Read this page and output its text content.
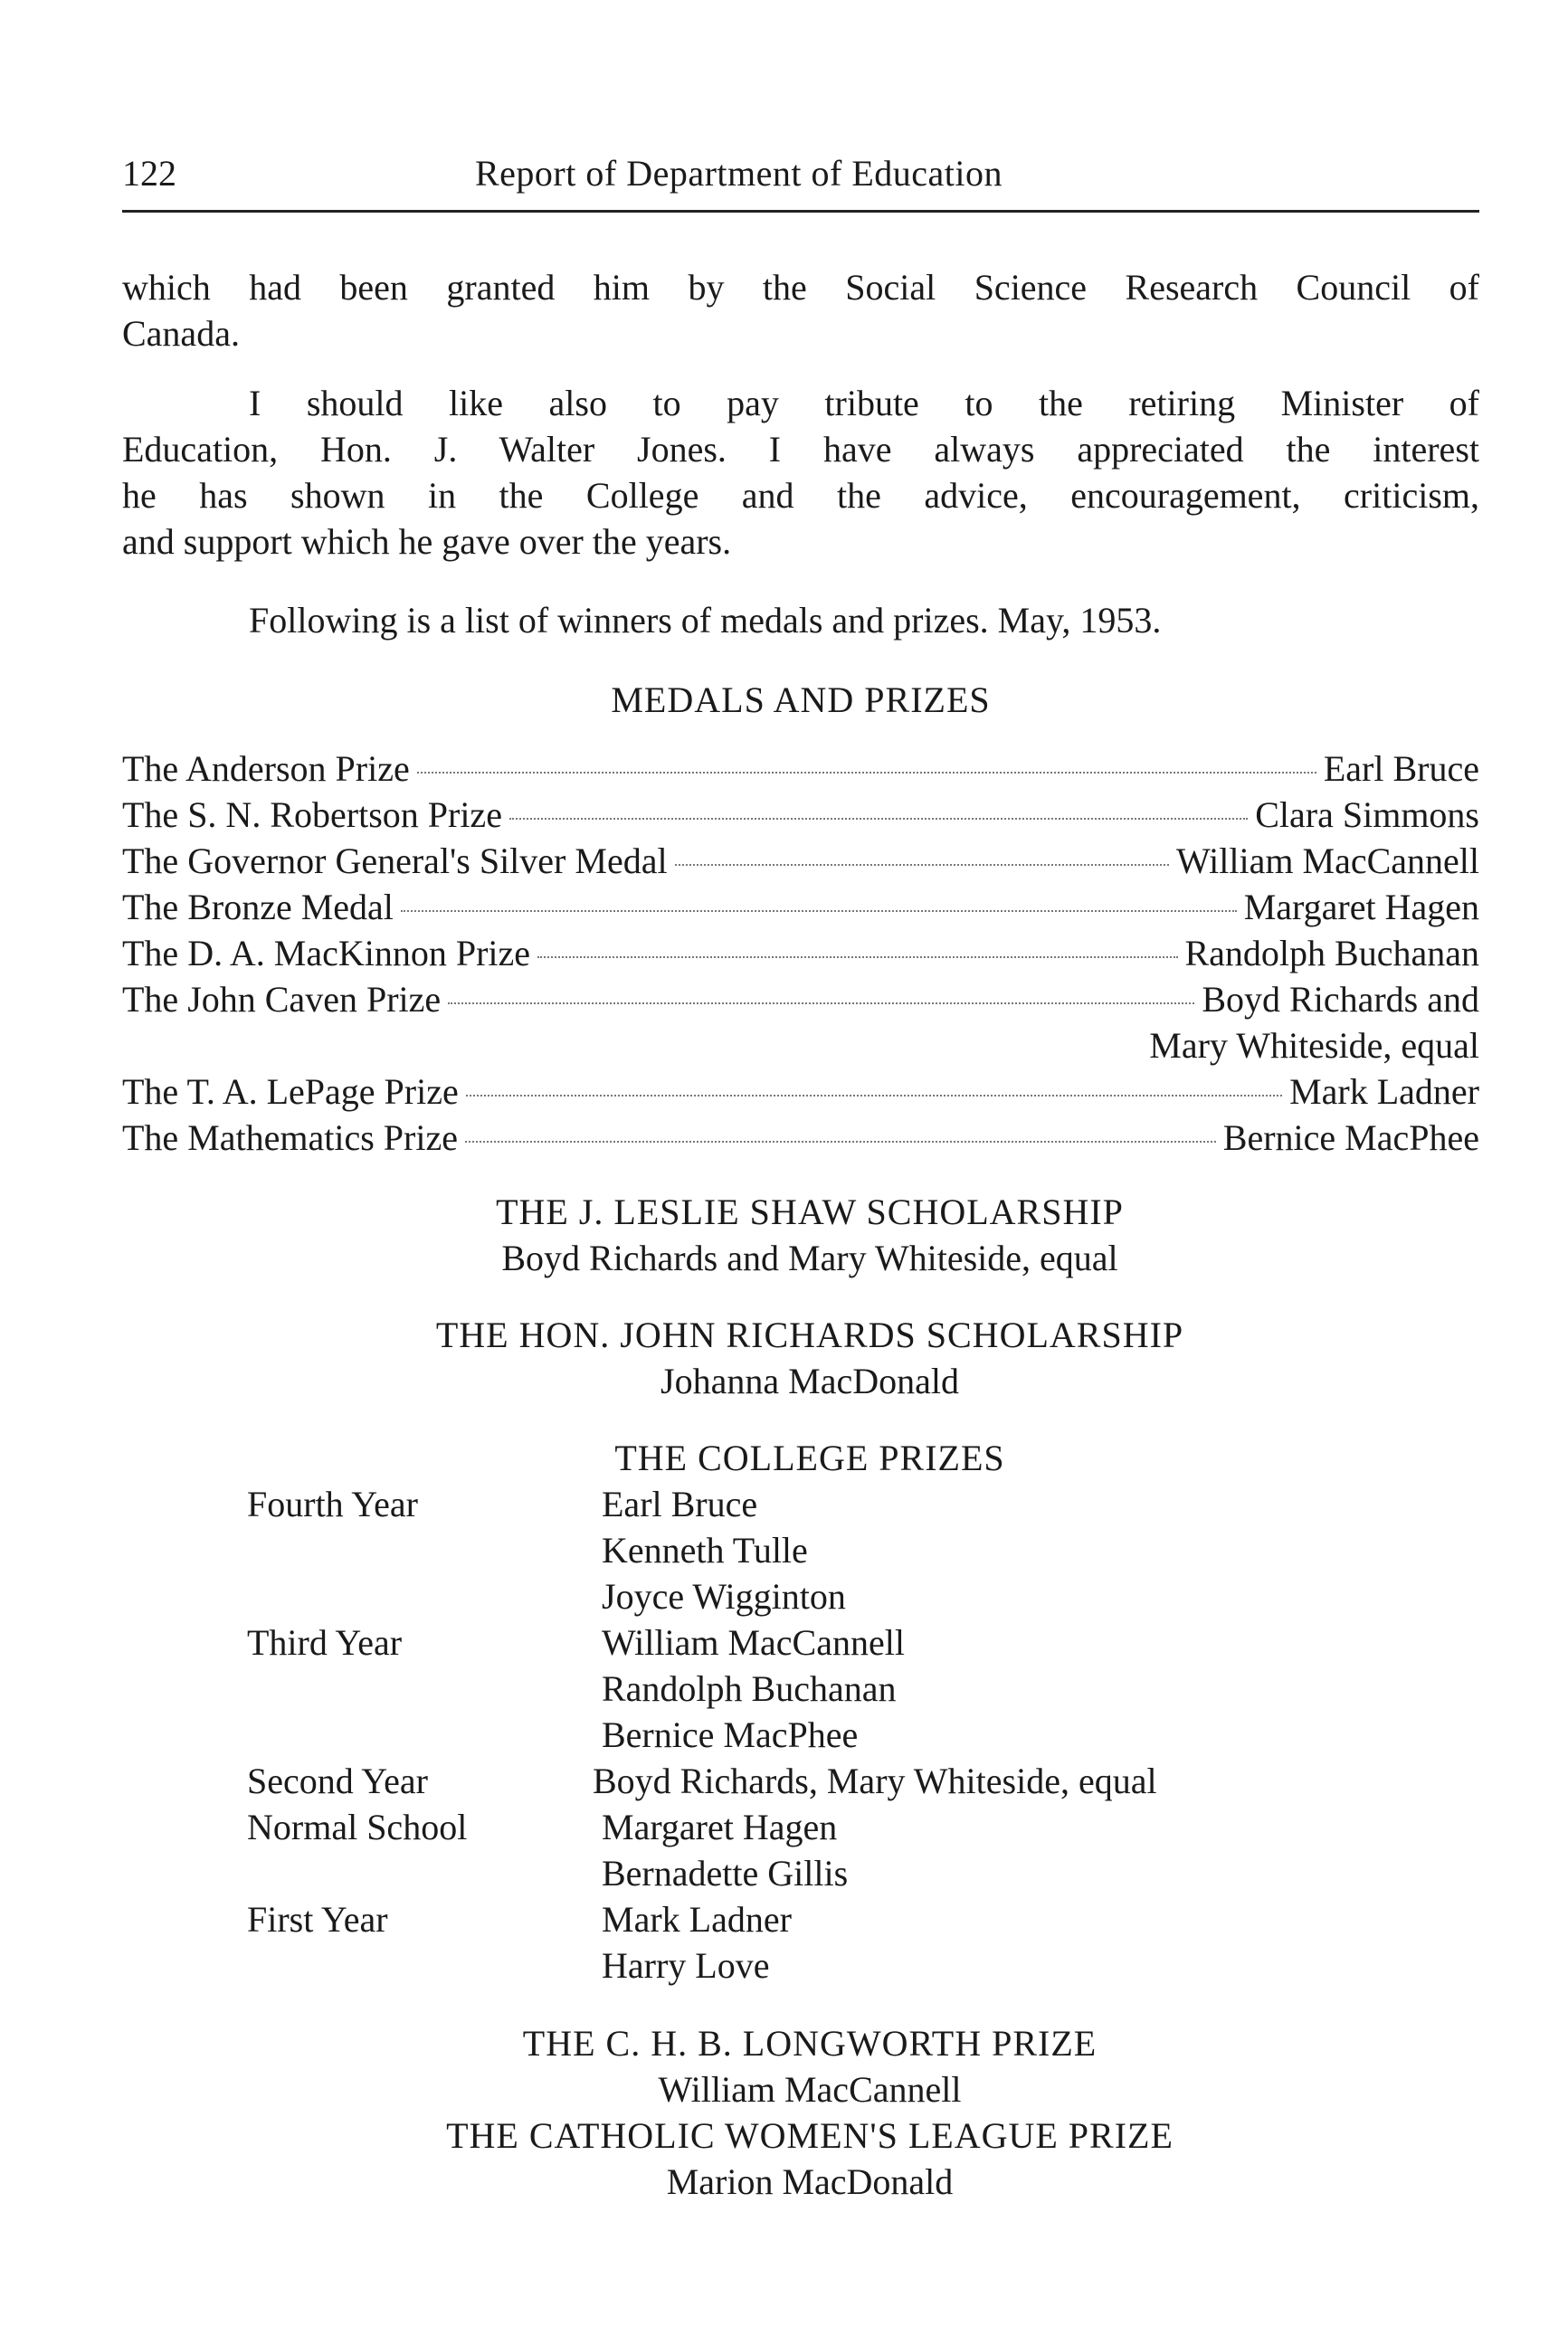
122	Report of Department of Education
which had been granted him by the Social Science Research Council of
Canada.
I should like also to pay tribute to the retiring Minister of
Education, Hon. J. Walter Jones. I have always appreciated the interest
he has shown in the College and the advice, encouragement, criticism,
and support which he gave over the years.
Following is a list of winners of medals and prizes. May, 1953.
MEDALS AND PRIZES
The Anderson Prize	Earl Bruce
The S. N. Robertson Prize	Clara Simmons
The Governor General's Silver Medal	William MacCannell
The Bronze Medal	Margaret Hagen
The D. A. MacKinnon Prize	Randolph Buchanan
The John Caven Prize	Boyd Richards and
Mary Whiteside, equal
The T. A. LePage Prize	Mark Ladner
The Mathematics Prize	Bernice MacPhee
THE J. LESLIE SHAW SCHOLARSHIP
Boyd Richards and Mary Whiteside, equal
THE HON. JOHN RICHARDS SCHOLARSHIP
Johanna MacDonald
THE COLLEGE PRIZES
Fourth Year	Earl Bruce
Kenneth Tulle
Joyce Wigginton
Third Year	William MacCannell
Randolph Buchanan
Bernice MacPhee
Second Year	Boyd Richards, Mary Whiteside, equal
Normal School	Margaret Hagen
Bernadette Gillis
First Year	Mark Ladner
Harry Love
THE C. H. B. LONGWORTH PRIZE
William MacCannell
THE CATHOLIC WOMEN'S LEAGUE PRIZE
Marion MacDonald
